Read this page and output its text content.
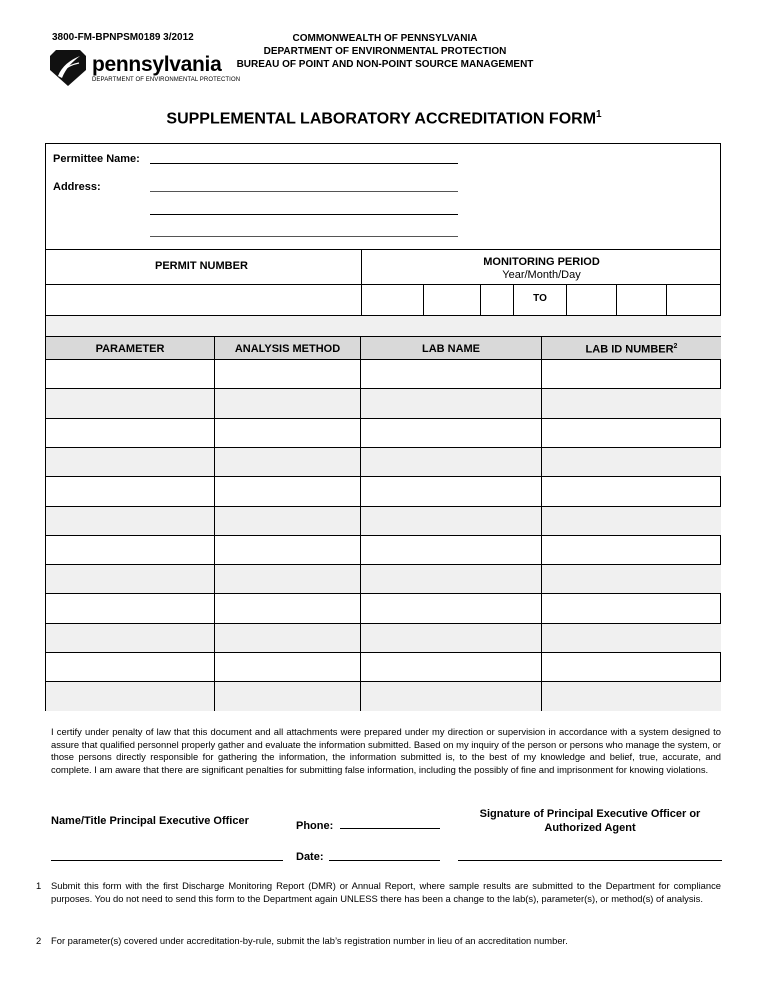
3800-FM-BPNPSM0189 3/2012	COMMONWEALTH OF PENNSYLVANIA
DEPARTMENT OF ENVIRONMENTAL PROTECTION
BUREAU OF POINT AND NON-POINT SOURCE MANAGEMENT
pennsylvania
DEPARTMENT OF ENVIRONMENTAL PROTECTION
SUPPLEMENTAL LABORATORY ACCREDITATION FORM$^1$
Permittee Name:
Address:
PERMIT NUMBER	MONITORING PERIOD
Year/Month/Day
TO
PARAMETER	ANALYSIS METHOD	LAB NAME	LAB ID NUMBER$^2$
I certify under penalty of law that this document and all attachments were prepared under my direction or supervision in accordance with a system designed to assure that qualified personnel properly gather and evaluate the information submitted. Based on my inquiry of the person or persons who manage the system, or those persons directly responsible for gathering the information, the information submitted is, to the best of my knowledge and belief, true, accurate, and complete. I am aware that there are significant penalties for submitting false information, including the possibly of fine and imprisonment for knowing violations.
Name/Title Principal Executive Officer	Phone:
Signature of Principal Executive Officer or
Authorized Agent
Date:
1 Submit this form with the first Discharge Monitoring Report (DMR) or Annual Report, where sample results are submitted to the Department for compliance purposes. You do not need to send this form to the Department again UNLESS there has been a change to the lab(s), parameter(s), or method(s) of analysis.
2 For parameter(s) covered under accreditation-by-rule, submit the lab’s registration number in lieu of an accreditation number.
